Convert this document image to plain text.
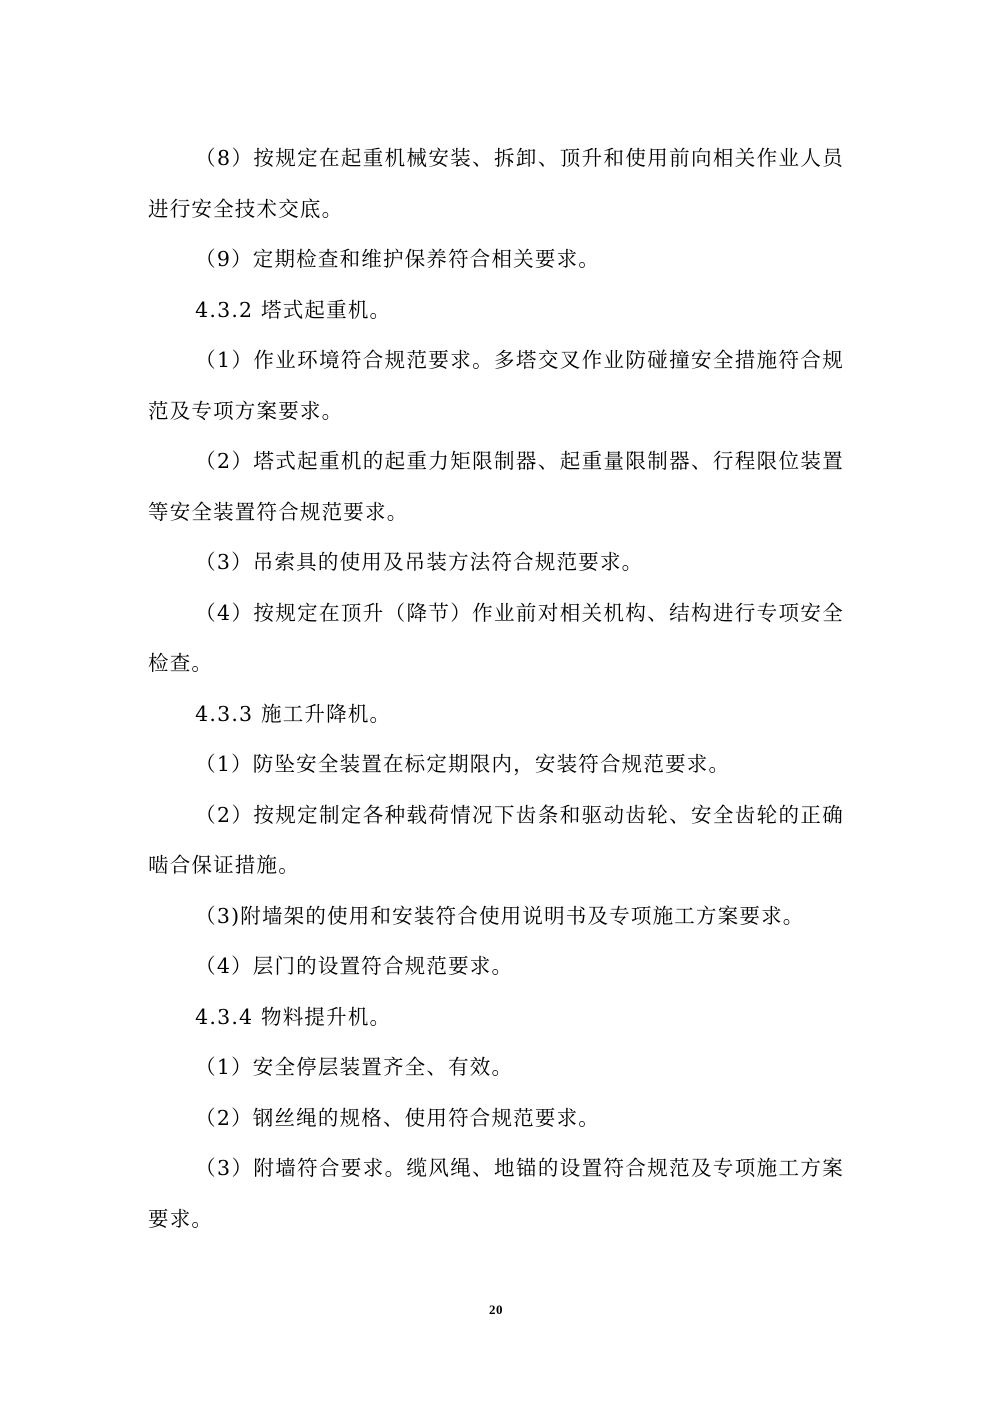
（8）按规定在起重机械安装、拆卸、顶升和使用前向相关作业人员进行安全技术交底。

（9）定期检查和维护保养符合相关要求。

4.3.2 塔式起重机。

（1）作业环境符合规范要求。多塔交叉作业防碰撞安全措施符合规范及专项方案要求。

（2）塔式起重机的起重力矩限制器、起重量限制器、行程限位装置等安全装置符合规范要求。

（3）吊索具的使用及吊装方法符合规范要求。

（4）按规定在顶升（降节）作业前对相关机构、结构进行专项安全检查。

4.3.3 施工升降机。

（1）防坠安全装置在标定期限内，安装符合规范要求。

（2）按规定制定各种载荷情况下齿条和驱动齿轮、安全齿轮的正确啮合保证措施。

（3)附墙架的使用和安装符合使用说明书及专项施工方案要求。

（4）层门的设置符合规范要求。

4.3.4 物料提升机。

（1）安全停层装置齐全、有效。

（2）钢丝绳的规格、使用符合规范要求。

（3）附墙符合要求。缆风绳、地锚的设置符合规范及专项施工方案要求。

20
